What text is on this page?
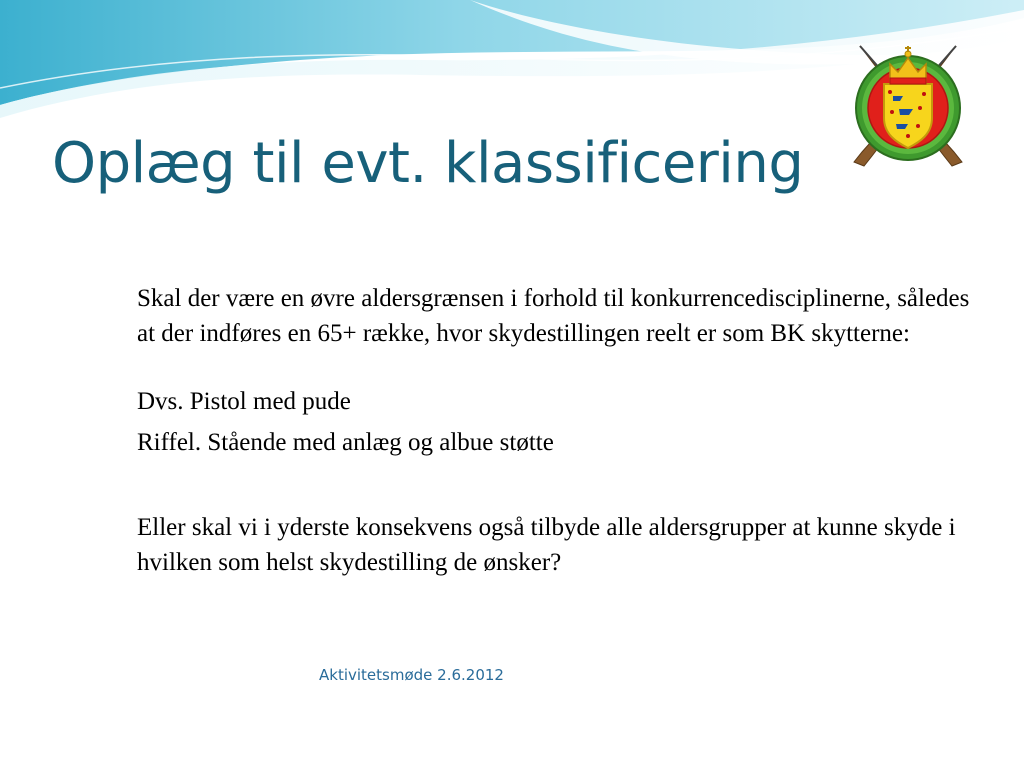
Oplæg til evt. klassificering

Skal der være en øvre aldersgrænsen i forhold til konkurrencedisciplinerne, således at der indføres en 65+ række, hvor skydestillingen reelt er som BK skytterne:

Dvs. Pistol med pude

Riffel. Stående med anlæg og albue støtte

Eller skal vi i yderste konsekvens også tilbyde alle aldersgrupper at kunne skyde i hvilken som helst skydestilling de ønsker?

Aktivitetsmøde 2.6.2012
